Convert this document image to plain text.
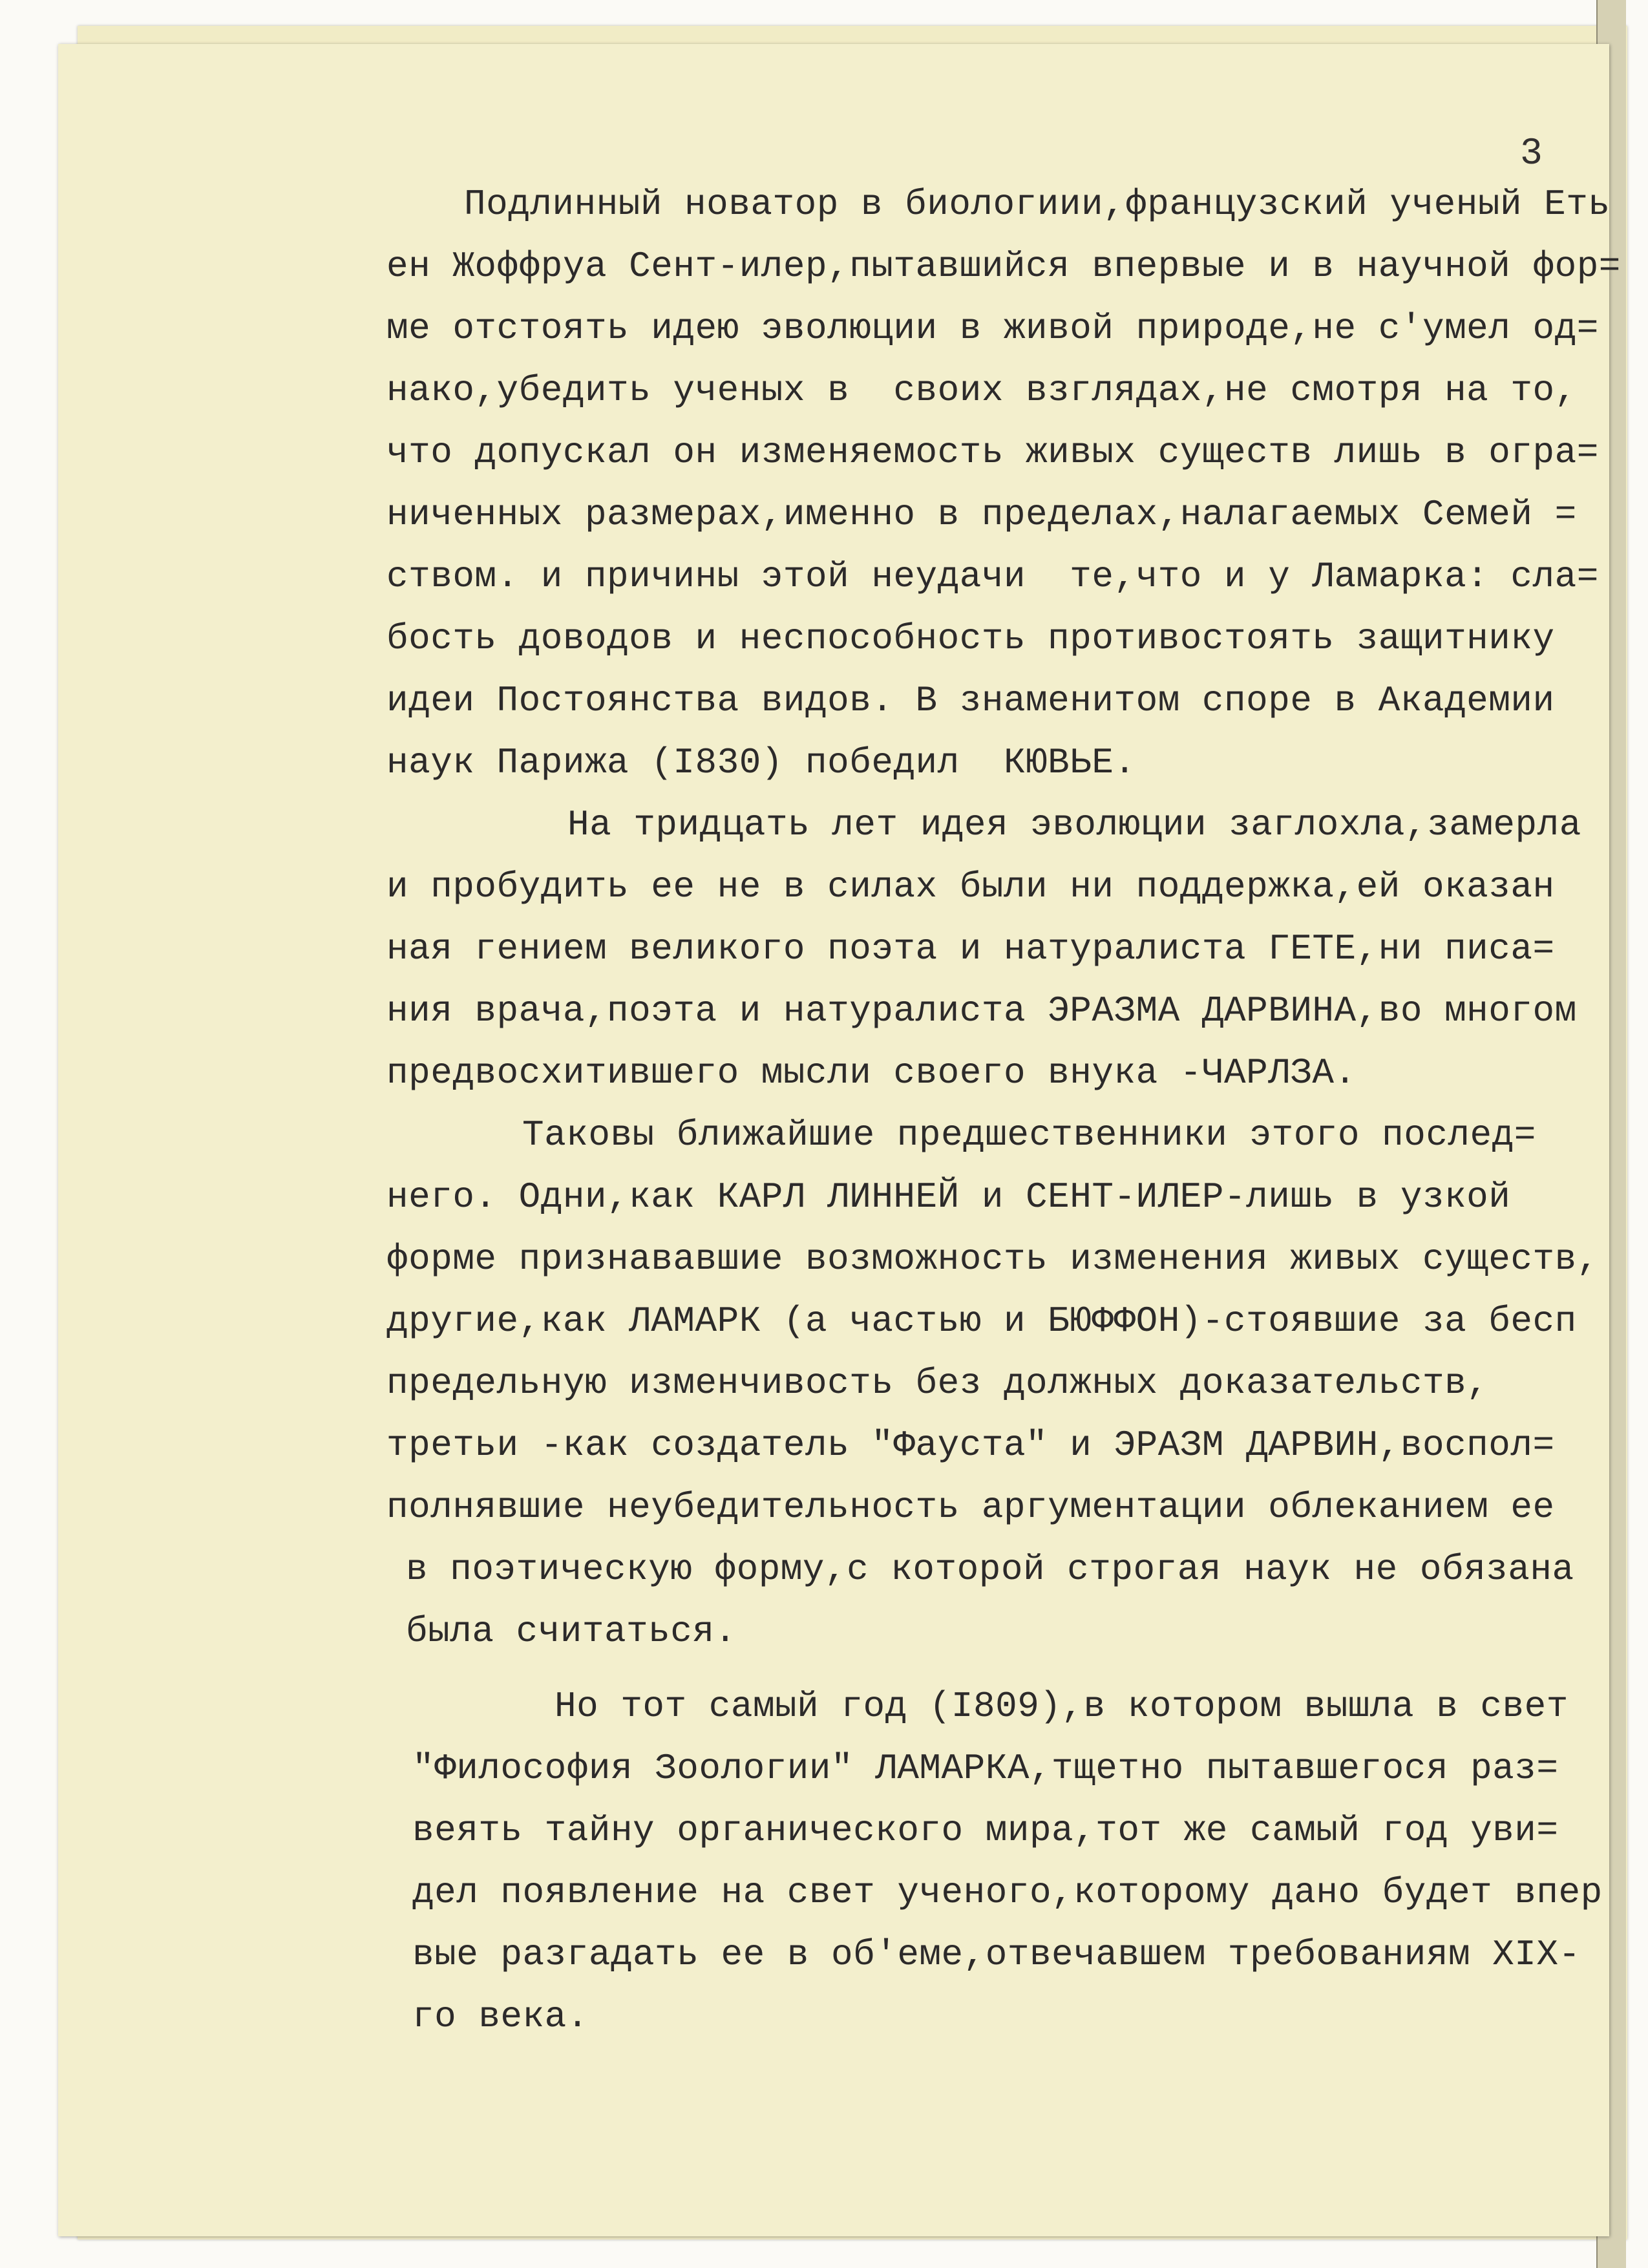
3
Подлинный новатор в биологиии,французский ученый Еть
ен Жоффруа Сент-илер,пытавшийся впервые и в научной фор=
ме отстоять идею эволюции в живой природе,не с'умел од=
нако,убедить ученых в  своих взглядах,не смотря на то,
что допускал он изменяемость живых существ лишь в огра=
ниченных размерах,именно в пределах,налагаемых Семей =
ством. и причины этой неудачи  те,что и у Ламарка: сла=
бость доводов и неспособность противостоять защитнику
идеи Постоянства видов. В знаменитом споре в Академии
наук Парижа (I830) победил  КЮВЬЕ.
На тридцать лет идея эволюции заглохла,замерла
и пробудить ее не в силах были ни поддержка,ей оказан
ная гением великого поэта и натуралиста ГЕТЕ,ни писа=
ния врача,поэта и натуралиста ЭРАЗМА ДАРВИНА,во многом
предвосхитившего мысли своего внука -ЧАРЛЗА.
Таковы ближайшие предшественники этого послед=
него. Одни,как КАРЛ ЛИННЕЙ и СЕНТ-ИЛЕР-лишь в узкой
форме признававшие возможность изменения живых существ,
другие,как ЛАМАРК (а частью и БЮФФОН)-стоявшие за бесп
предельную изменчивость без должных доказательств,
третьи -как создатель "Фауста" и ЭРАЗМ ДАРВИН,воспол=
полнявшие неубедительность аргументации облеканием ее
в поэтическую форму,с которой строгая наук не обязана
была считаться.
Но тот самый год (I809),в котором вышла в свет
"Философия Зоологии" ЛАМАРКА,тщетно пытавшегося раз=
веять тайну органического мира,тот же самый год уви=
дел появление на свет ученого,которому дано будет впер
вые разгадать ее в об'еме,отвечавшем требованиям XIX-
го века.
